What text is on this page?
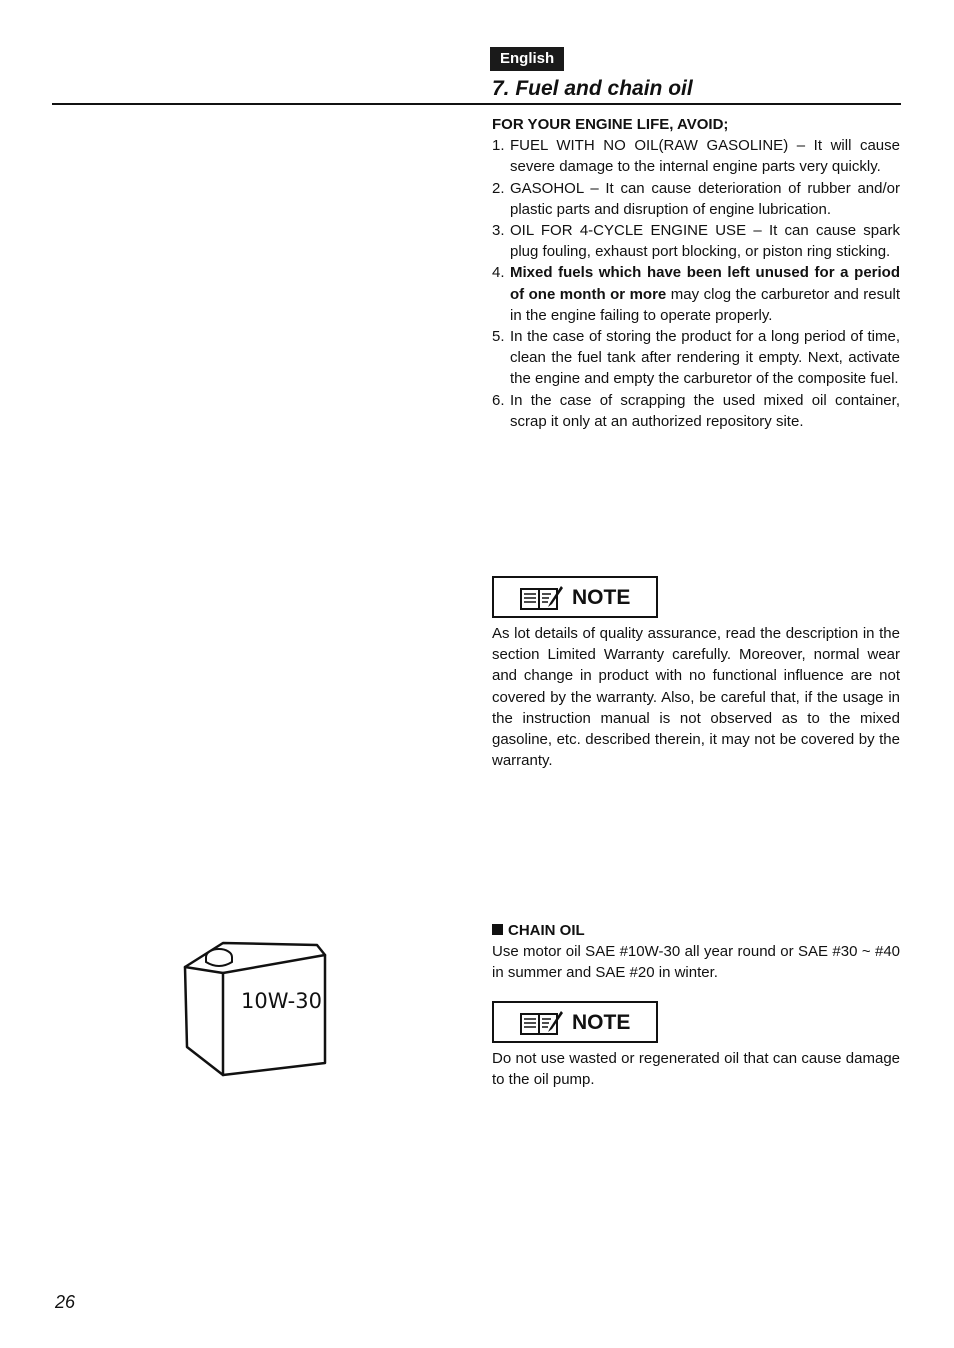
English
7. Fuel and chain oil

FOR YOUR ENGINE LIFE, AVOID;

1. FUEL WITH NO OIL(RAW GASOLINE) – It will cause severe damage to the internal engine parts very quickly.
2. GASOHOL – It can cause deterioration of rubber and/or plastic parts and disruption of engine lubrication.
3. OIL FOR 4-CYCLE ENGINE USE – It can cause spark plug fouling, exhaust port blocking, or piston ring sticking.
4. Mixed fuels which have been left unused for a period of one month or more may clog the carburetor and result in the engine failing to operate properly.
5. In the case of storing the product for a long period of time, clean the fuel tank after rendering it empty. Next, activate the engine and empty the carburetor of the composite fuel.
6. In the case of scrapping the used mixed oil container, scrap it only at an authorized repository site.
NOTE

As lot details of quality assurance, read the description in the section Limited Warranty carefully. Moreover, normal wear and change in product with no functional influence are not covered by the warranty. Also, be careful that, if the usage in the instruction manual is not observed as to the mixed gasoline, etc. described therein, it may not be covered by the warranty.

CHAIN OIL

Use motor oil SAE #10W-30 all year round or SAE #30 ~ #40 in summer and SAE #20 in winter.

NOTE

Do not use wasted or regenerated oil that can cause damage to the oil pump.

10W-30
26
